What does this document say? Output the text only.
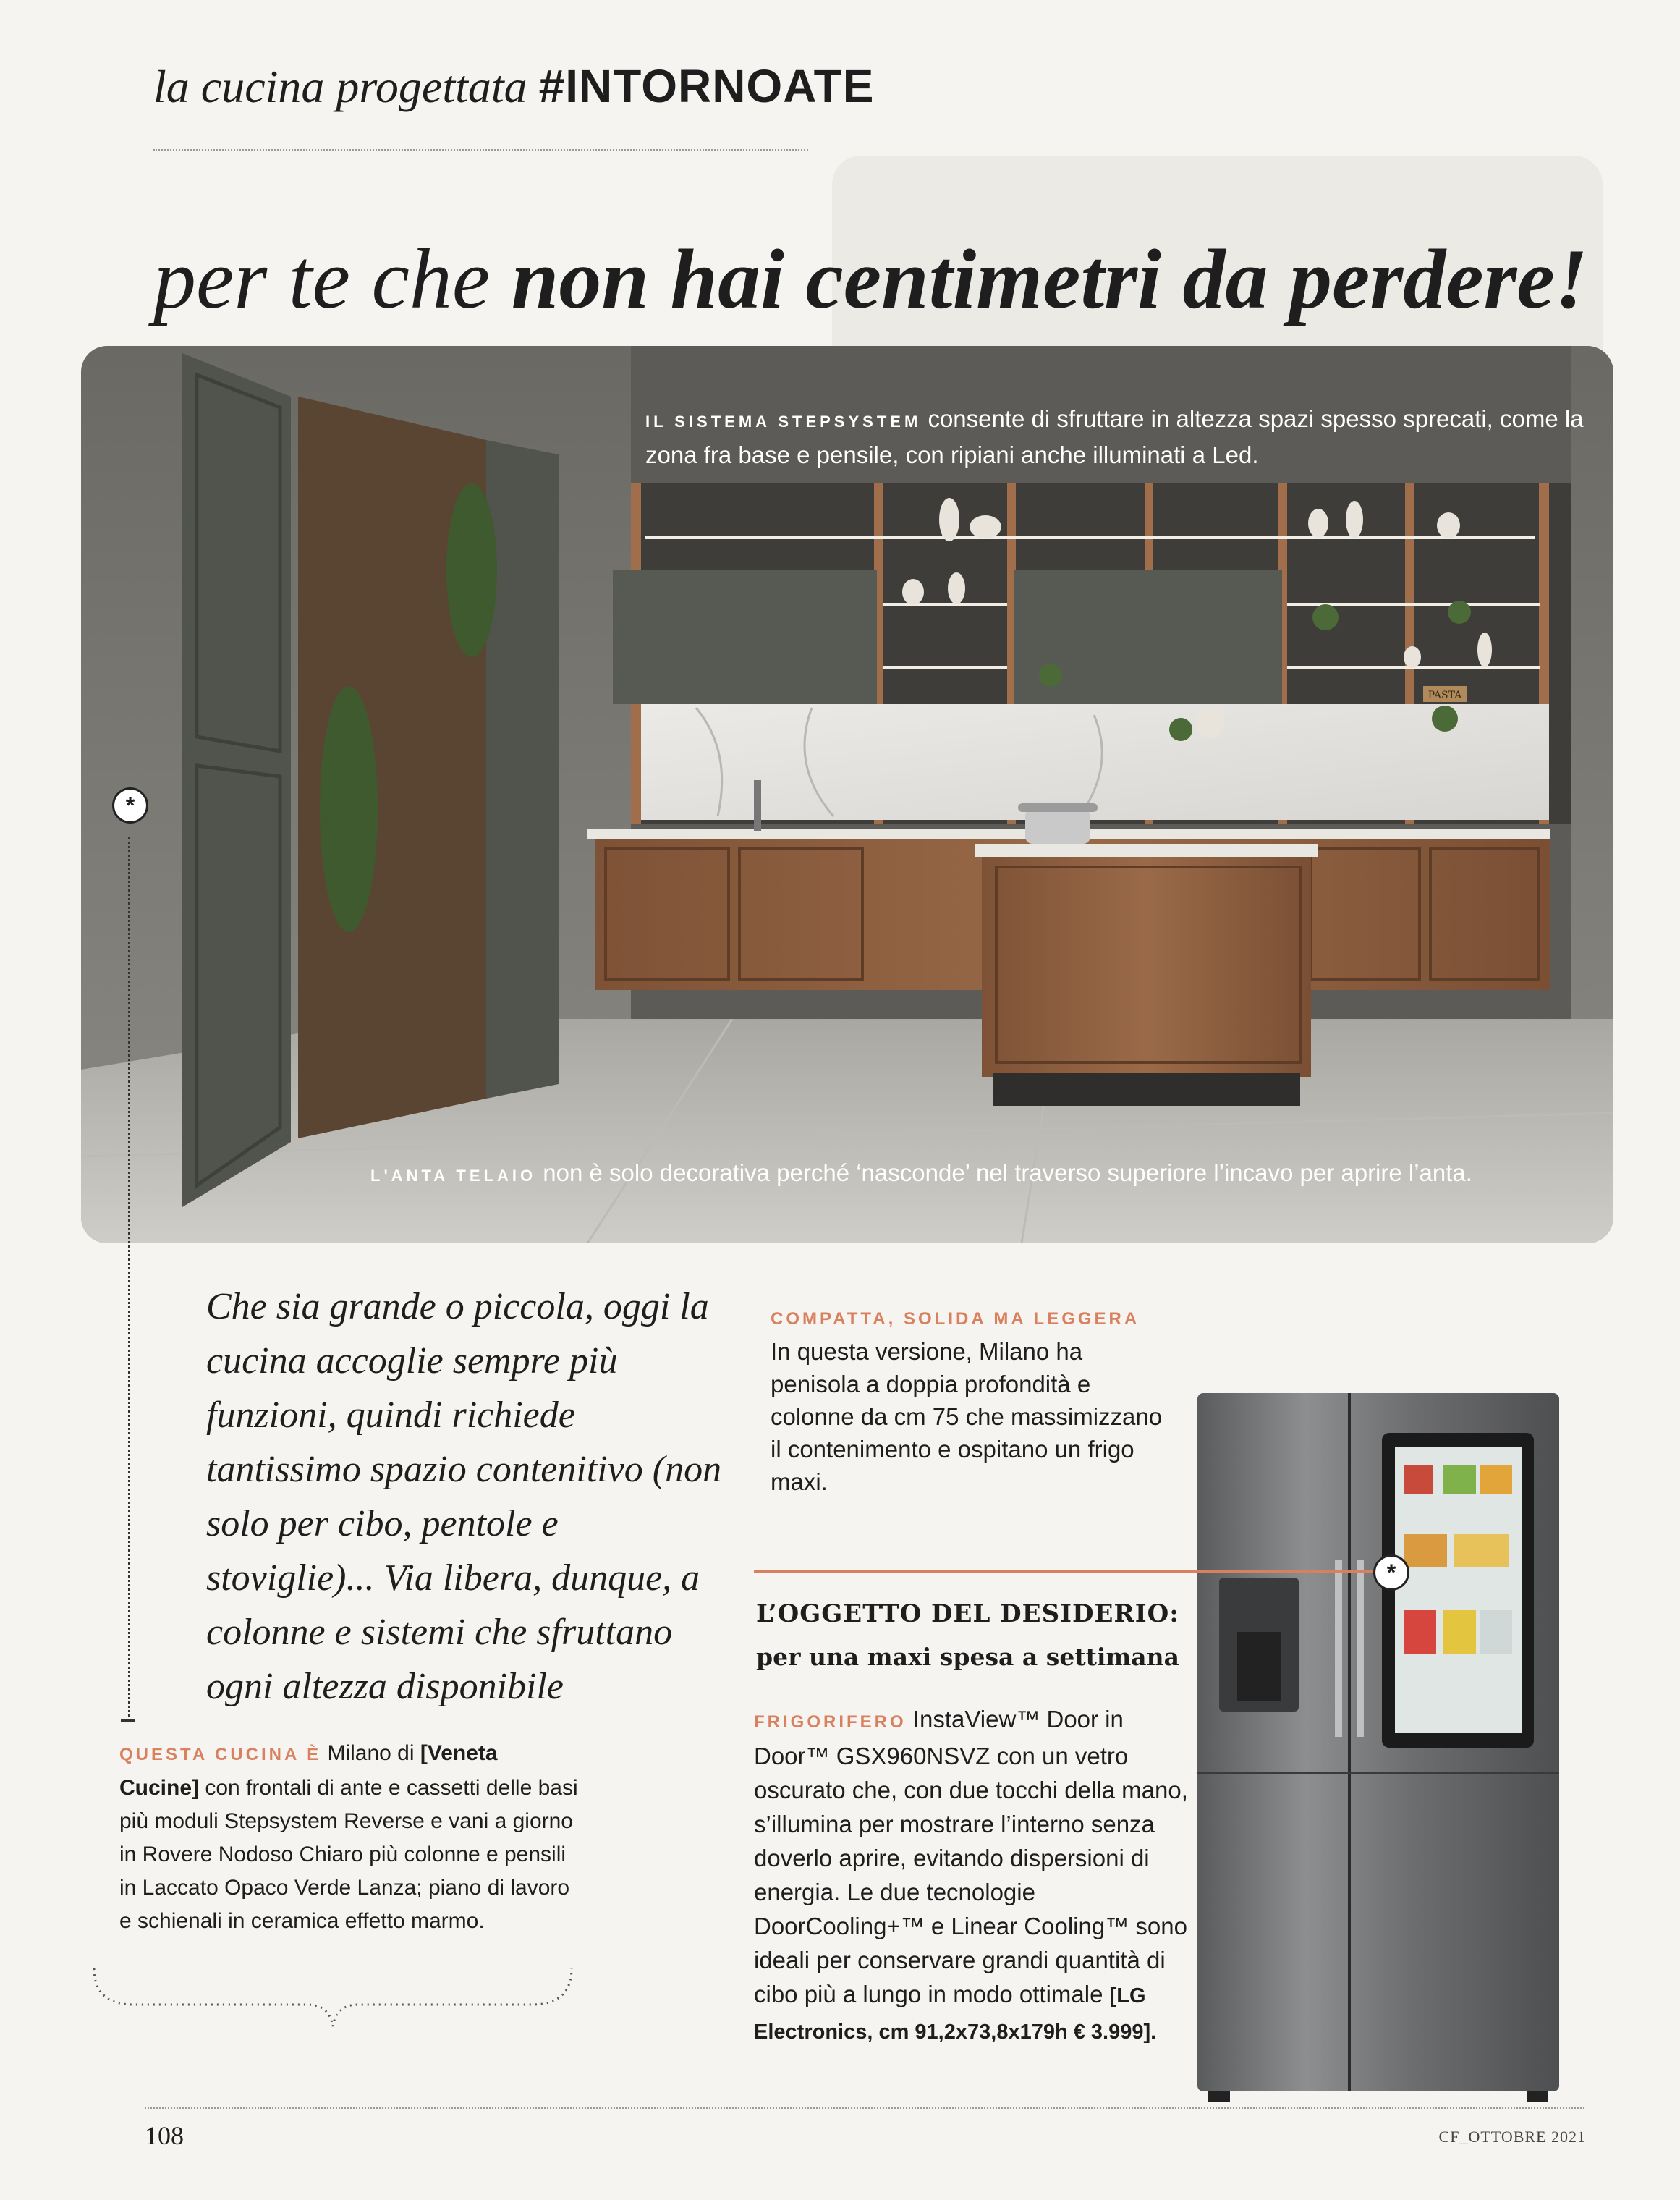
la cucina progettata #INTORNOATE
per te che non hai centimetri da perdere!
PASTA
IL SISTEMA STEPSYSTEM consente di sfruttare in altezza spazi spesso sprecati, come la zona fra base e pensile, con ripiani anche illuminati a Led.
L'ANTA TELAIO non è solo decorativa perché ‘nasconde’ nel traverso superiore l’incavo per aprire l’anta.
*
Che sia grande o piccola, oggi la cucina accoglie sempre più funzioni, quindi richiede tantissimo spazio contenitivo (non solo per cibo, pentole e stoviglie)... Via libera, dunque, a colonne e sistemi che sfruttano ogni altezza disponibile
QUESTA CUCINA È Milano di [Veneta Cucine] con frontali di ante e cassetti delle basi più moduli Stepsystem Reverse e vani a giorno in Rovere Nodoso Chiaro più colonne e pensili in Laccato Opaco Verde Lanza; piano di lavoro e schienali in ceramica effetto marmo.
COMPATTA, SOLIDA MA LEGGERA
In questa versione, Milano ha penisola a doppia profondità e colonne da cm 75 che massimizzano il contenimento e ospitano un frigo maxi.
*
L’OGGETTO DEL DESIDERIO:
per una maxi spesa a settimana
FRIGORIFERO InstaView™ Door in Door™ GSX960NSVZ con un vetro oscurato che, con due tocchi della mano, s’illumina per mostrare l’interno senza doverlo aprire, evitando dispersioni di energia. Le due tecnologie DoorCooling+™ e Linear Cooling™ sono ideali per conservare grandi quantità di cibo più a lungo in modo ottimale [LG Electronics, cm 91,2x73,8x179h € 3.999].
108	CF_OTTOBRE 2021
